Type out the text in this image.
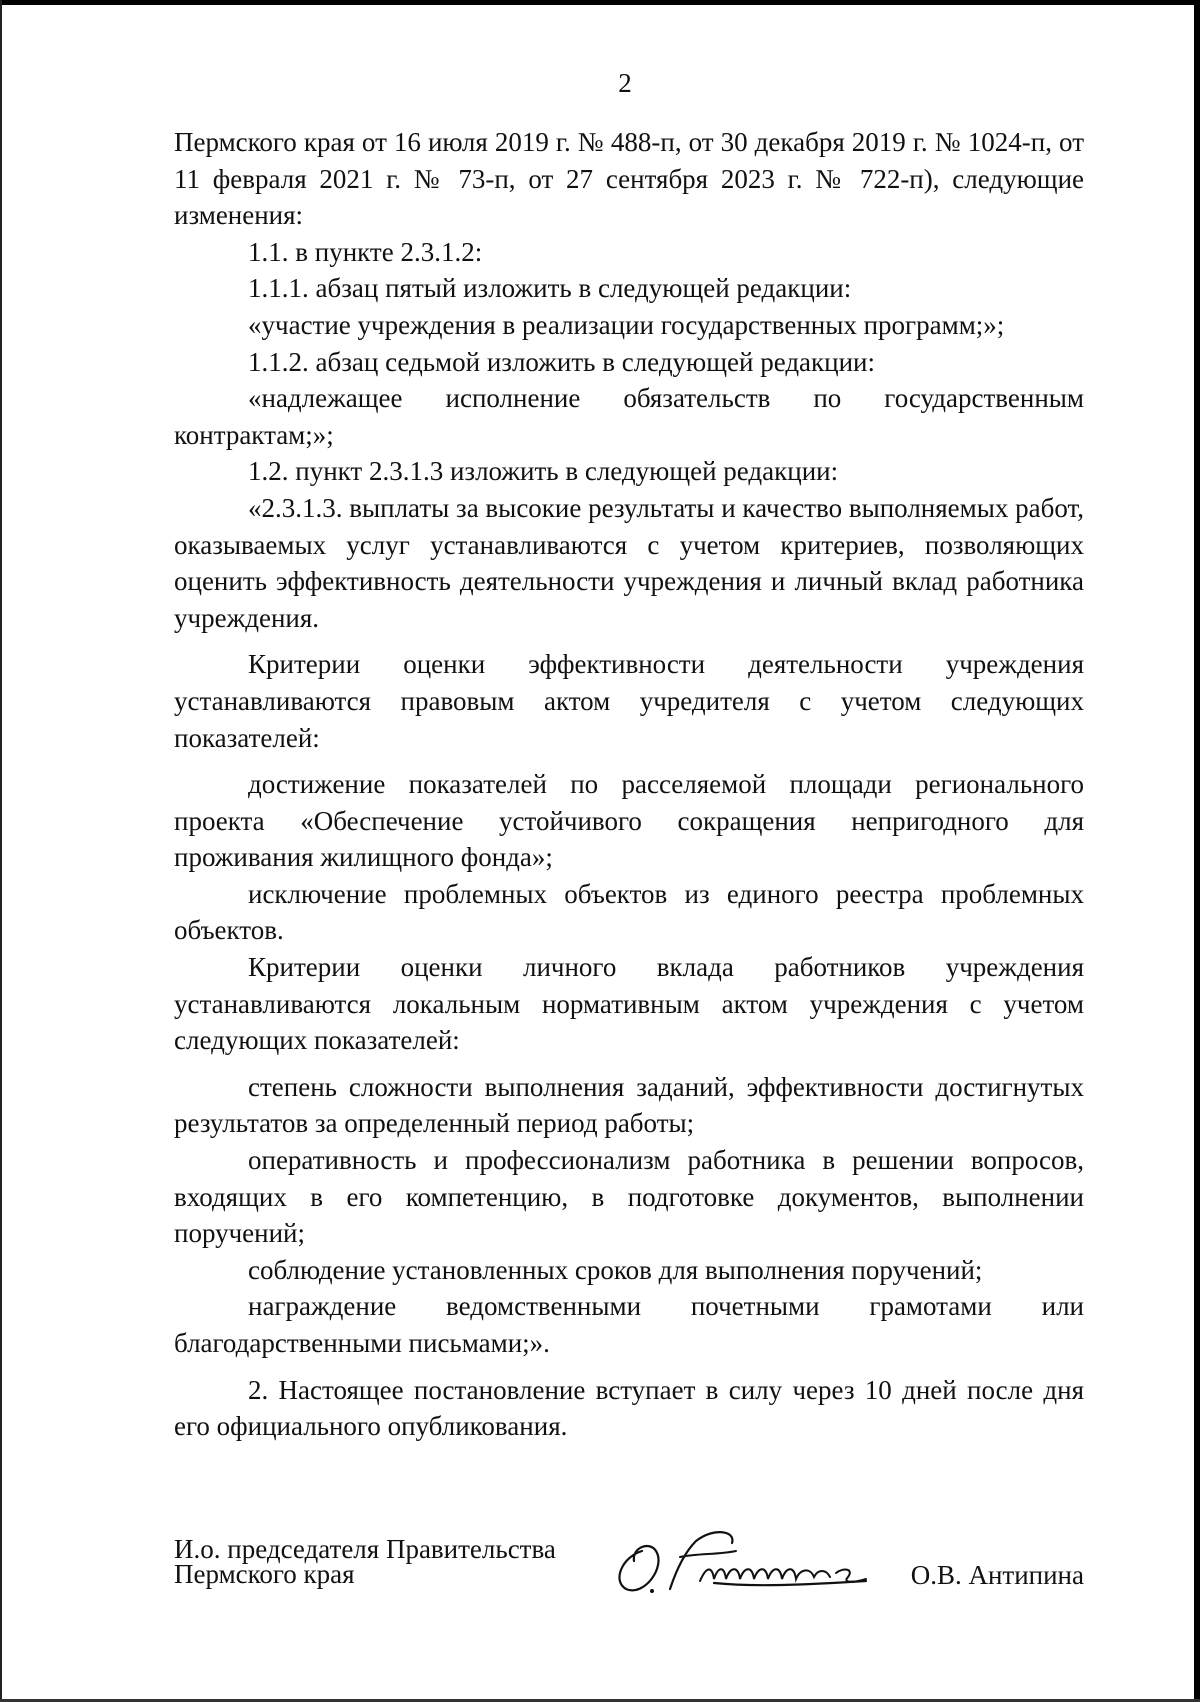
2

Пермского края от 16 июля 2019 г. № 488-п, от 30 декабря 2019 г. № 1024-п, от 11 февраля 2021 г. № 73-п, от 27 сентября 2023 г. № 722-п), следующие изменения:

1.1. в пункте 2.3.1.2:

1.1.1. абзац пятый изложить в следующей редакции:

«участие учреждения в реализации государственных программ;»;

1.1.2. абзац седьмой изложить в следующей редакции:

«надлежащее исполнение обязательств по государственным контрактам;»;

1.2. пункт 2.3.1.3 изложить в следующей редакции:

«2.3.1.3. выплаты за высокие результаты и качество выполняемых работ, оказываемых услуг устанавливаются с учетом критериев, позволяющих оценить эффективность деятельности учреждения и личный вклад работника учреждения.

Критерии оценки эффективности деятельности учреждения устанавливаются правовым актом учредителя с учетом следующих показателей:

достижение показателей по расселяемой площади регионального проекта «Обеспечение устойчивого сокращения непригодного для проживания жилищного фонда»;

исключение проблемных объектов из единого реестра проблемных объектов.

Критерии оценки личного вклада работников учреждения устанавливаются локальным нормативным актом учреждения с учетом следующих показателей:

степень сложности выполнения заданий, эффективности достигнутых результатов за определенный период работы;

оперативность и профессионализм работника в решении вопросов, входящих в его компетенцию, в подготовке документов, выполнении поручений;

соблюдение установленных сроков для выполнения поручений;

награждение ведомственными почетными грамотами или благодарственными письмами;».

2. Настоящее постановление вступает в силу через 10 дней после дня его официального опубликования.

И.о. председателя Правительства
Пермского края	О.В. Антипина
